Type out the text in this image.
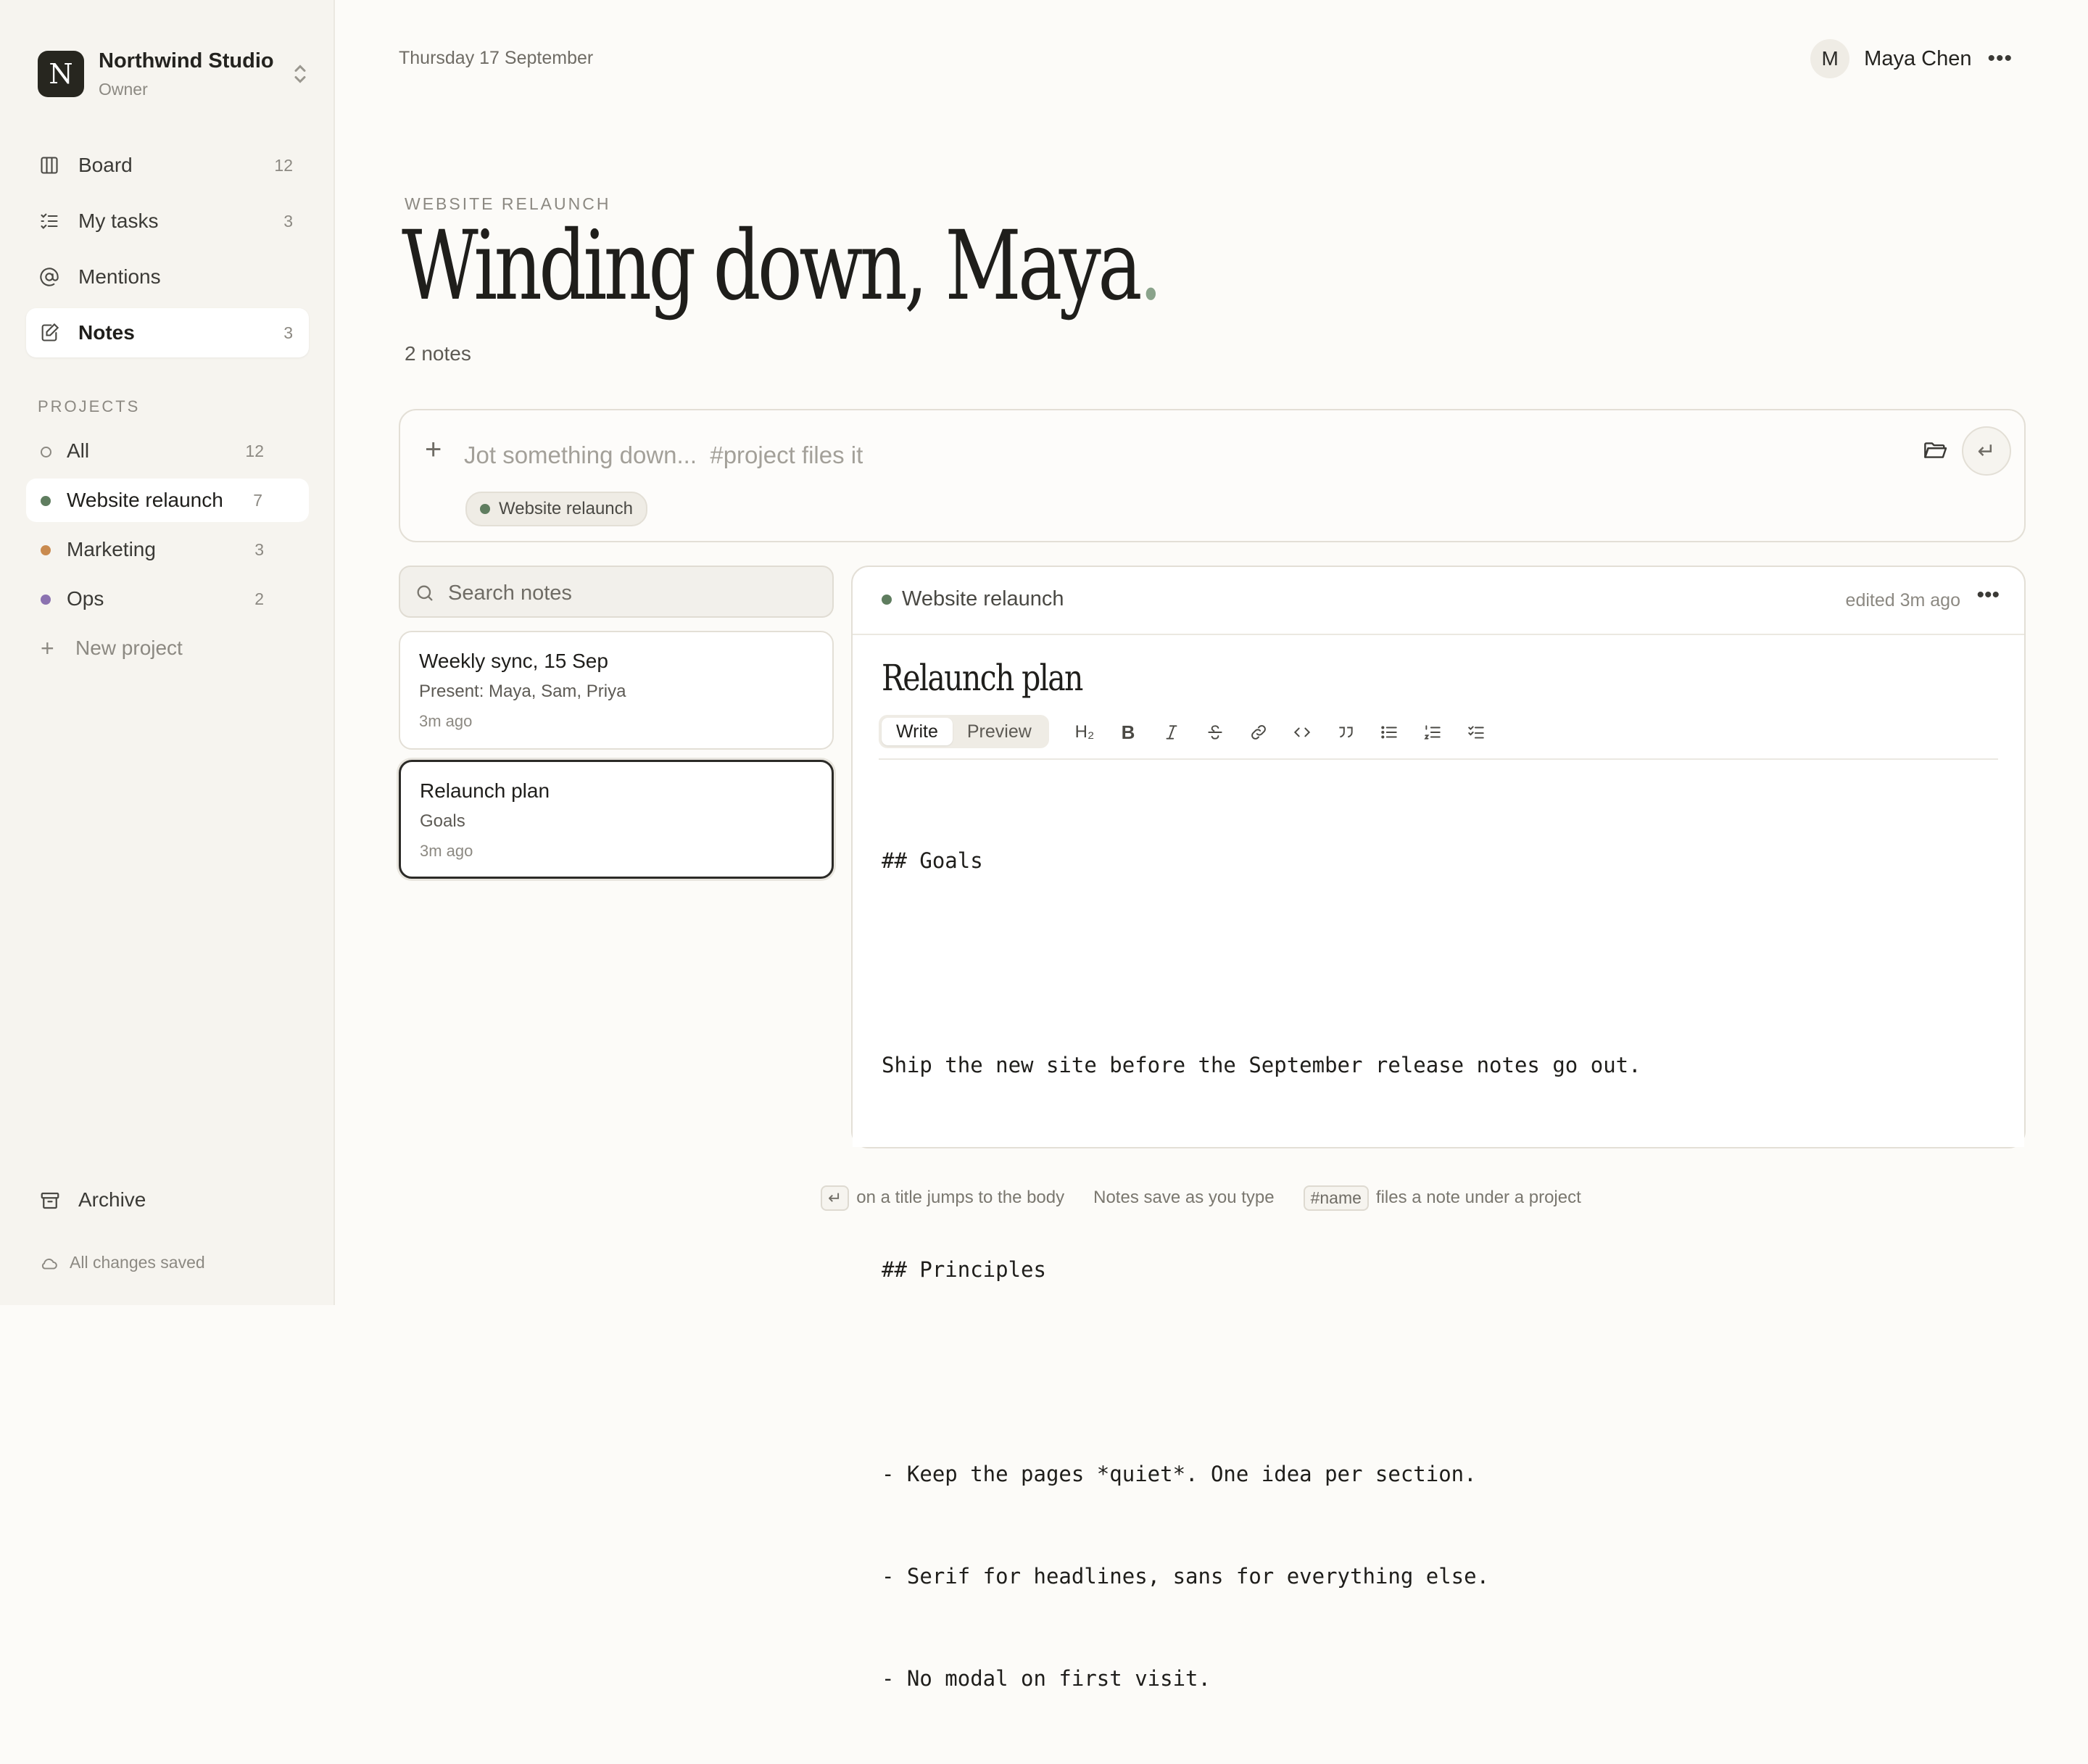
N	Northwind Studio
Owner
Board	12
My tasks	3
Mentions
Notes	3
PROJECTS
All	12
Website relaunch 7
Marketing	3
Ops	2
+ New project
Archive
All changes saved
Thursday 17 September	M	Maya Chen •••
WEBSITE RELAUNCH
Winding down, Maya.
2 notes
+
Jot something down... #project files it
Website relaunch
↵
Search notes
Weekly sync, 15 Sep
Present: Maya, Sam, Priya
3m ago
Relaunch plan
Goals
3m ago
Website relaunch	edited 3m ago •••
Relaunch plan
Write	Preview	H₂	B

## Goals

Ship the new site before the September release notes go out.

## Principles

- Keep the pages *quiet*. One idea per section.

- Serif for headlines, sans for everything else.

- No modal on first visit.

↵ on a title jumps to the body Notes save as you type	#name files a note under a project
